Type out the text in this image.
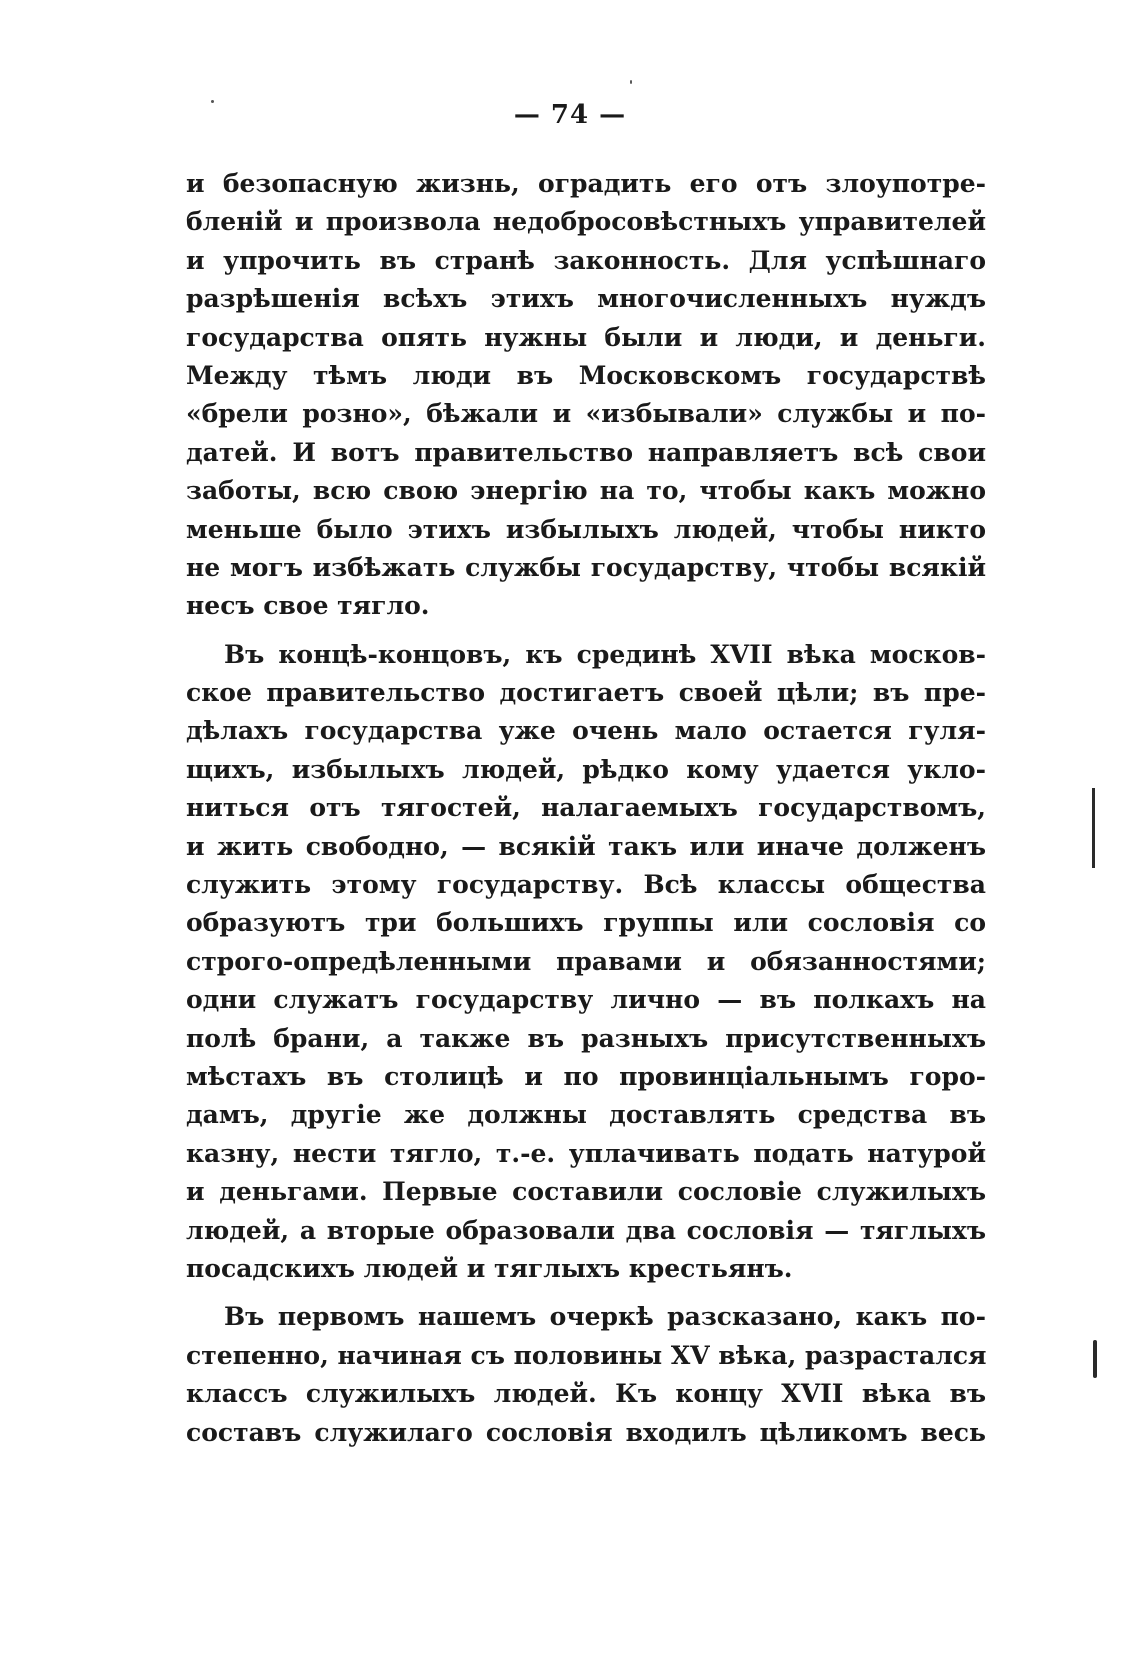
— 74 —
и безопасную жизнь, оградить его отъ злоупотре-
бленій и произвола недобросовѣстныхъ управителей
и упрочить въ странѣ законность. Для успѣшнаго
разрѣшенія всѣхъ этихъ многочисленныхъ нуждъ
государства опять нужны были и люди, и деньги.
Между тѣмъ люди въ Московскомъ государствѣ
«брели розно», бѣжали и «избывали» службы и по-
датей. И вотъ правительство направляетъ всѣ свои
заботы, всю свою энергію на то, чтобы какъ можно
меньше было этихъ избылыхъ людей, чтобы никто
не могъ избѣжать службы государству, чтобы всякій
несъ свое тягло.
Въ концѣ-концовъ, къ срединѣ XVII вѣка москов-
ское правительство достигаетъ своей цѣли; въ пре-
дѣлахъ государства уже очень мало остается гуля-
щихъ, избылыхъ людей, рѣдко кому удается укло-
ниться отъ тягостей, налагаемыхъ государствомъ,
и жить свободно, — всякій такъ или иначе долженъ
служить этому государству. Всѣ классы общества
образуютъ три большихъ группы или сословія со
строго-опредѣленными правами и обязанностями;
одни служатъ государству лично — въ полкахъ на
полѣ брани, а также въ разныхъ присутственныхъ
мѣстахъ въ столицѣ и по провинціальнымъ горо-
дамъ, другіе же должны доставлять средства въ
казну, нести тягло, т.-е. уплачивать подать натурой
и деньгами. Первые составили сословіе служилыхъ
людей, а вторые образовали два сословія — тяглыхъ
посадскихъ людей и тяглыхъ крестьянъ.
Въ первомъ нашемъ очеркѣ разсказано, какъ по-
степенно, начиная съ половины XV вѣка, разрастался
классъ служилыхъ людей. Къ концу XVII вѣка въ
составъ служилаго сословія входилъ цѣликомъ весь
